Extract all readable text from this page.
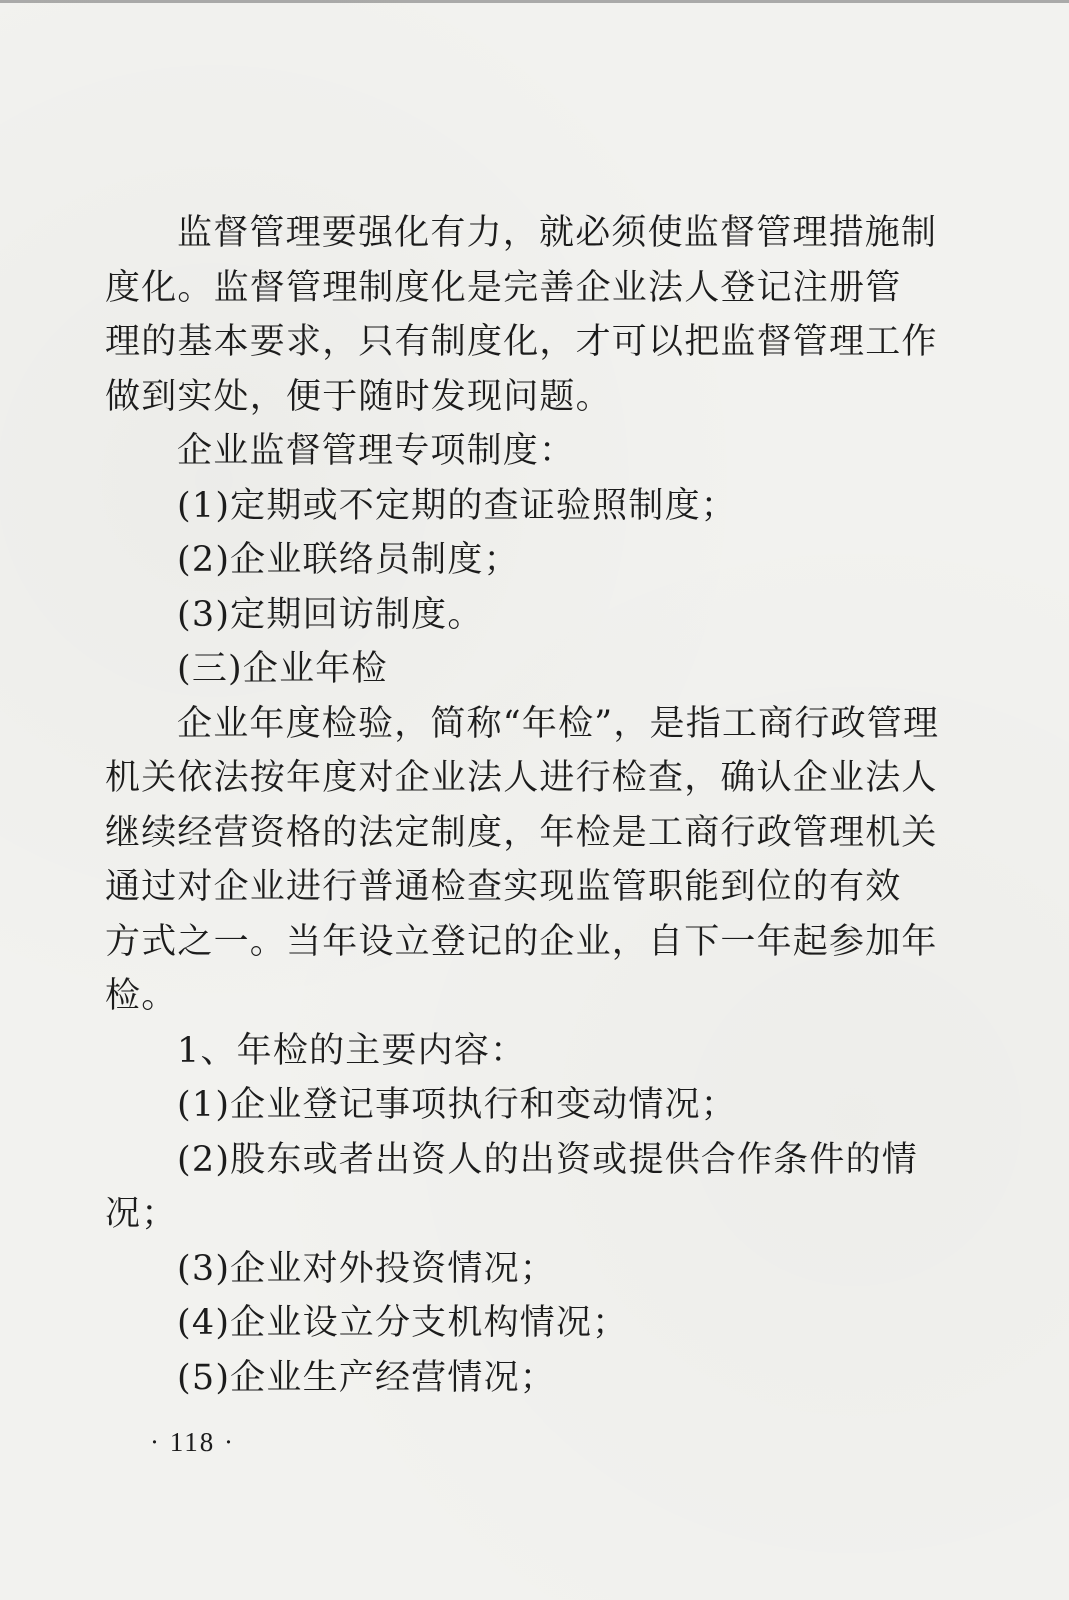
监督管理要强化有力，就必须使监督管理措施制
度化。监督管理制度化是完善企业法人登记注册管
理的基本要求，只有制度化，才可以把监督管理工作
做到实处，便于随时发现问题。
企业监督管理专项制度：
(1)定期或不定期的查证验照制度；
(2)企业联络员制度；
(3)定期回访制度。
(三)企业年检
企业年度检验，简称“年检”，是指工商行政管理
机关依法按年度对企业法人进行检查，确认企业法人
继续经营资格的法定制度，年检是工商行政管理机关
通过对企业进行普通检查实现监管职能到位的有效
方式之一。当年设立登记的企业，自下一年起参加年
检。
1、年检的主要内容：
(1)企业登记事项执行和变动情况；
(2)股东或者出资人的出资或提供合作条件的情
况；
(3)企业对外投资情况；
(4)企业设立分支机构情况；
(5)企业生产经营情况；
· 118 ·
